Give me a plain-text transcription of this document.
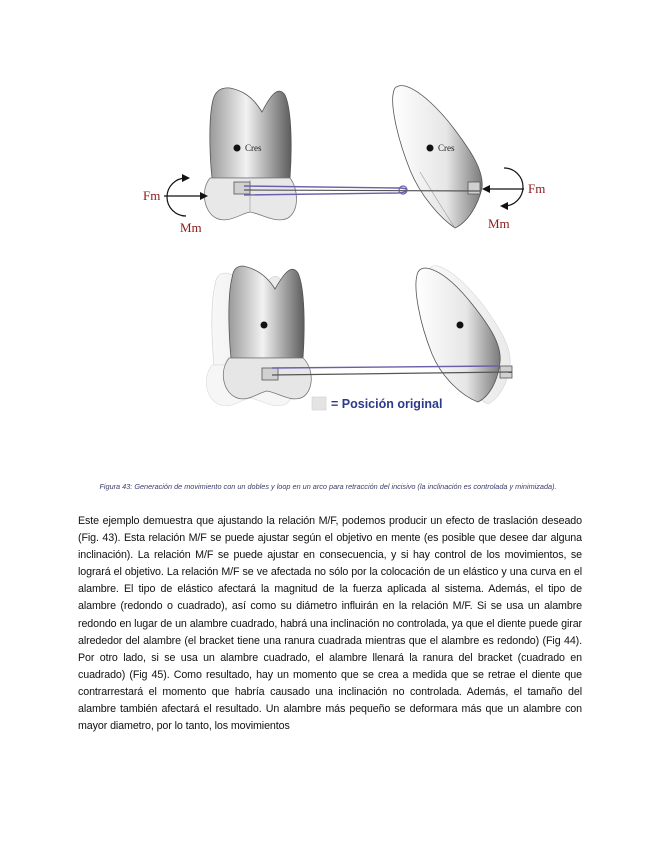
Cres	Cres
Fm
Mm
Fm
Mm
= Posición original
Figura 43: Generación de movimiento con un dobles y loop en un arco para retracción del incisivo (la inclinación es controlada y minimizada).
Este ejemplo demuestra que ajustando la relación M/F, podemos producir un efecto de traslación deseado (Fig. 43). Esta relación M/F se puede ajustar según el objetivo en mente (es posible que desee dar alguna inclinación). La relación M/F se puede ajustar en consecuencia, y si hay control de los movimientos, se logrará el objetivo. La relación M/F se ve afectada no sólo por la colocación de un elástico y una curva en el alambre. El tipo de elástico afectará la magnitud de la fuerza aplicada al sistema. Además, el tipo de alambre (redondo o cuadrado), así como su diámetro influirán en la relación M/F. Si se usa un alambre redondo en lugar de un alambre cuadrado, habrá una inclinación no controlada, ya que el diente puede girar alrededor del alambre (el bracket tiene una ranura cuadrada mientras que el alambre es redondo) (Fig 44). Por otro lado, si se usa un alambre cuadrado, el alambre llenará la ranura del bracket (cuadrado en cuadrado) (Fig 45). Como resultado, hay un momento que se crea a medida que se retrae el diente que contrarrestará el momento que habría causado una inclinación no controlada. Además, el tamaño del alambre también afectará el resultado. Un alambre más pequeño se deformara más que un alambre con mayor diametro, por lo tanto, los movimientos
